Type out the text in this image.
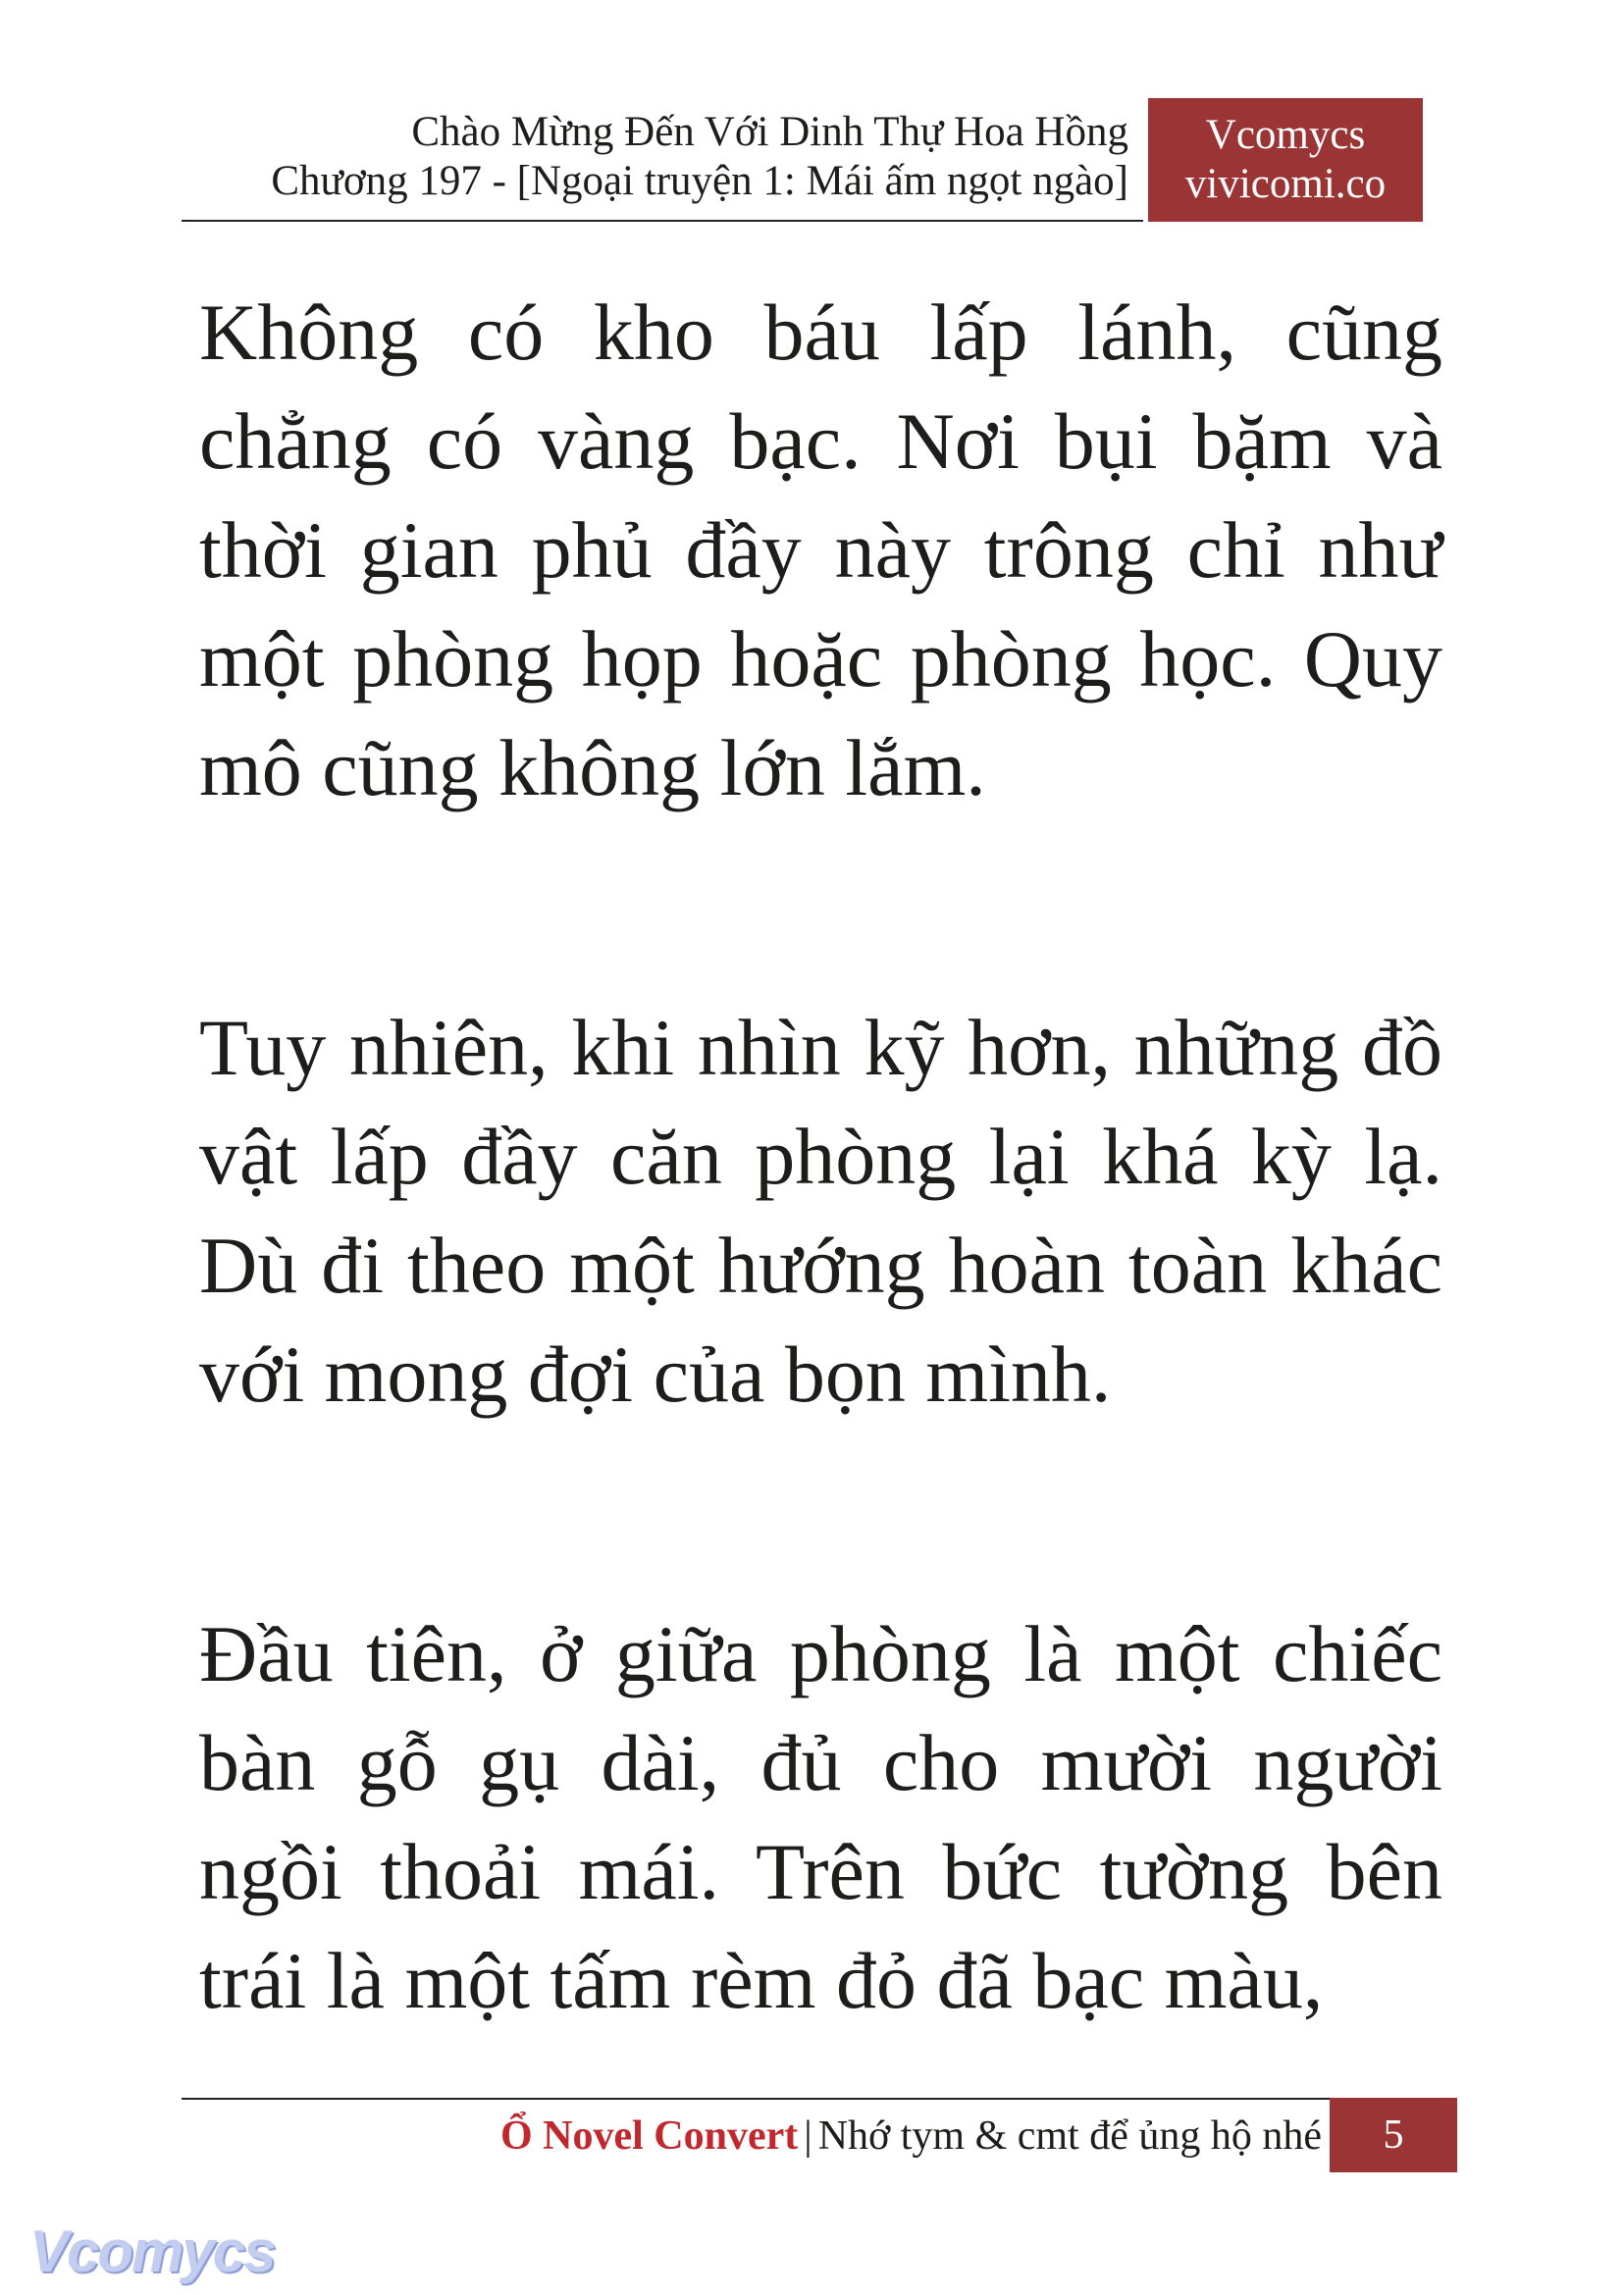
Chào Mừng Đến Với Dinh Thự Hoa Hồng
Chương 197 - [Ngoại truyện 1: Mái ấm ngọt ngào]
Vcomycs
vivicomi.co

Không có kho báu lấp lánh, cũng chẳng có vàng bạc. Nơi bụi bặm và thời gian phủ đầy này trông chỉ như một phòng họp hoặc phòng học. Quy mô cũng không lớn lắm.

Tuy nhiên, khi nhìn kỹ hơn, những đồ vật lấp đầy căn phòng lại khá kỳ lạ. Dù đi theo một hướng hoàn toàn khác với mong đợi của bọn mình.

Đầu tiên, ở giữa phòng là một chiếc bàn gỗ gụ dài, đủ cho mười người ngồi thoải mái. Trên bức tường bên trái là một tấm rèm đỏ đã bạc màu,

Ổ Novel Convert | Nhớ tym & cmt để ủng hộ nhé	5
Vcomycs
